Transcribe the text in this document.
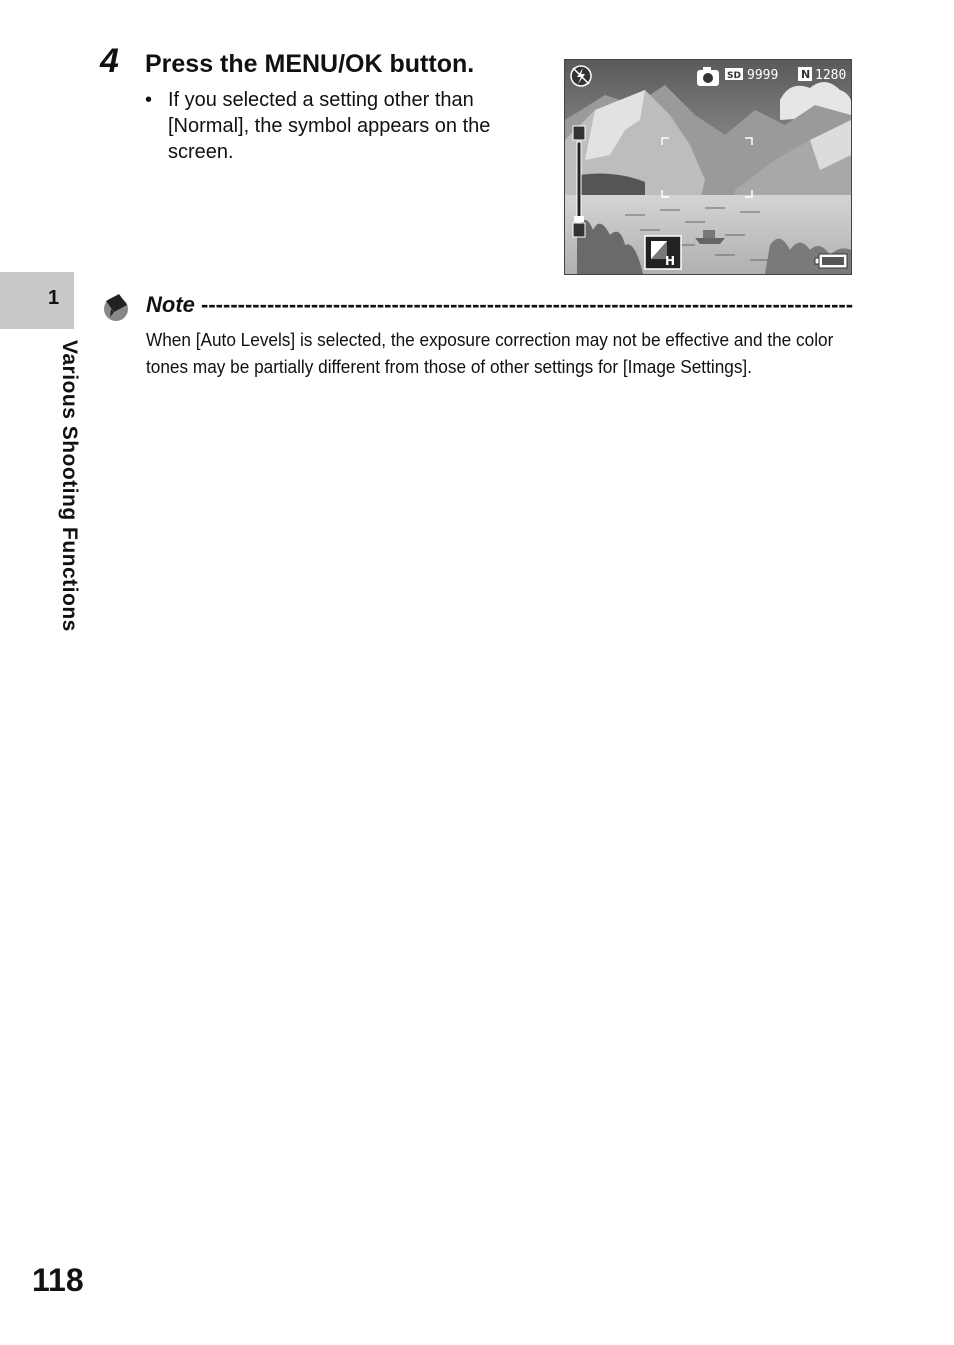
1
Various Shooting Functions
4 Press the MENU/OK button.
• If you selected a setting other than [Normal], the symbol appears on the screen.
SD 9999 N 1280
H
Note -----------------------------------------------------------------------------------------
When [Auto Levels] is selected, the exposure correction may not be effective and the color tones may be partially different from those of other settings for [Image Settings].
118
